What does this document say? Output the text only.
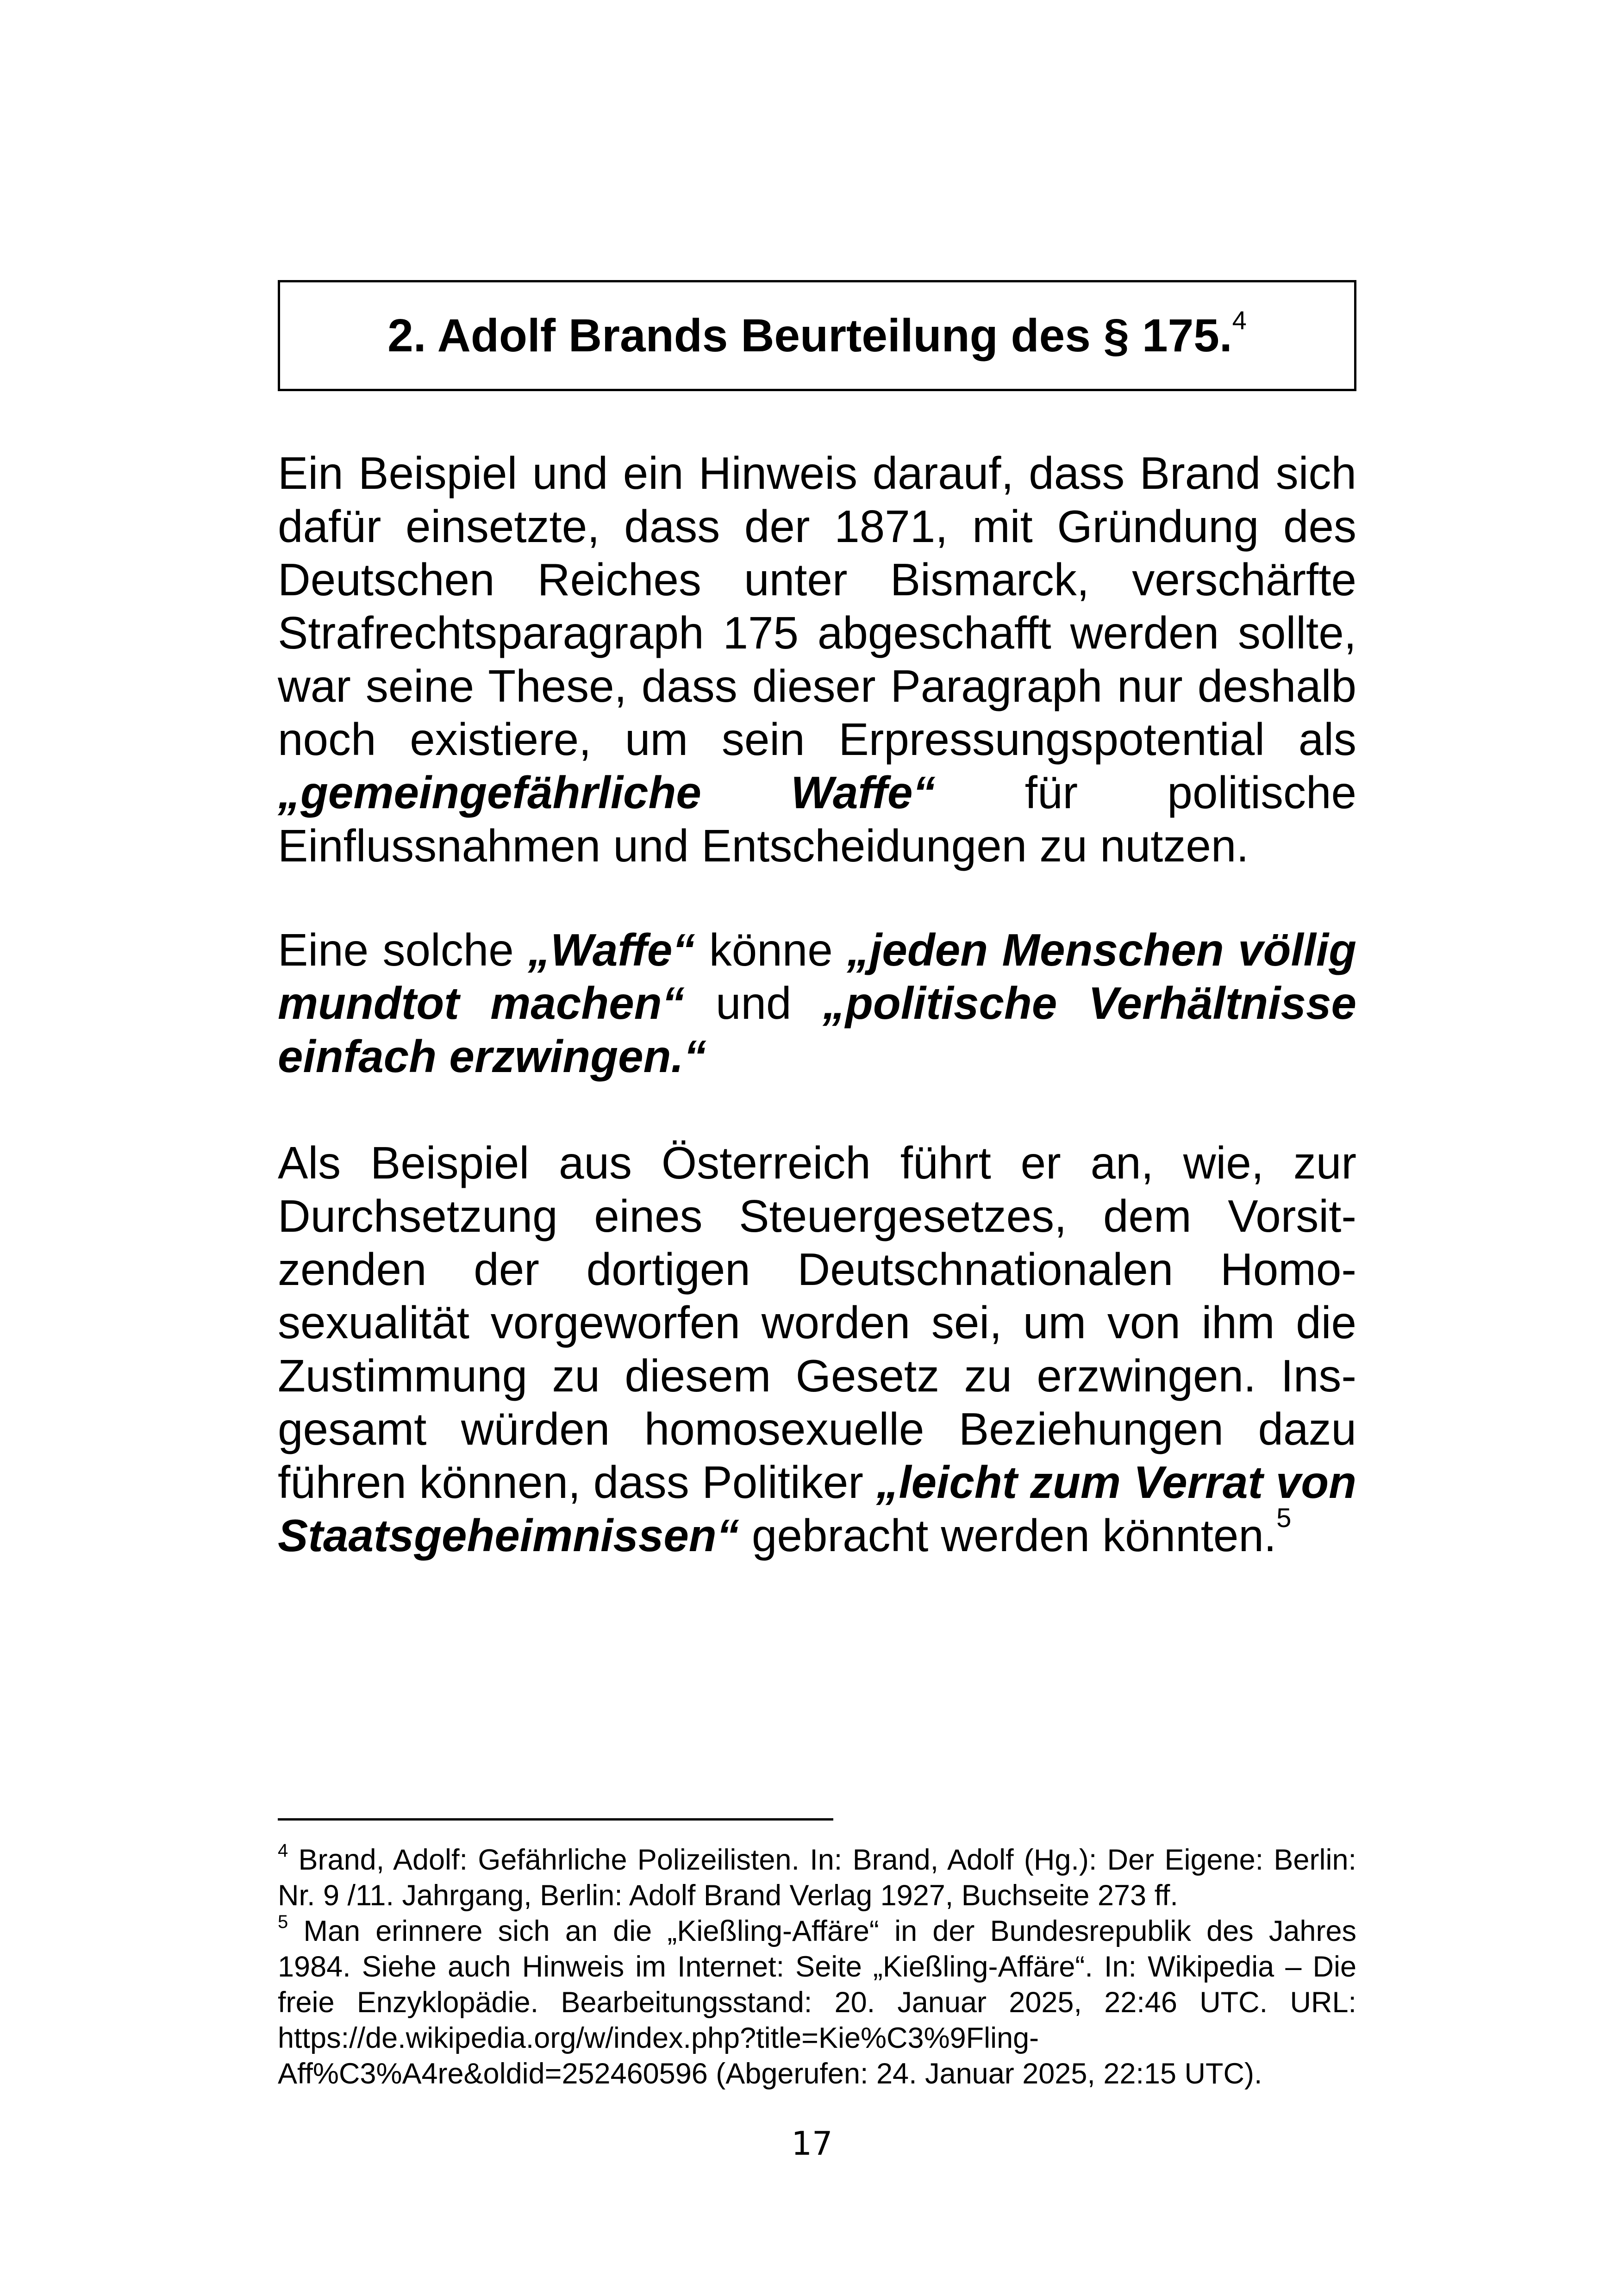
2. Adolf Brands Beurteilung des § 175.$^4$

Ein Beispiel und ein Hinweis darauf, dass Brand sich dafür einsetzte, dass der 1871, mit Gründung des Deutschen Reiches unter Bismarck, verschärfte Strafrechtsparagraph 175 abgeschafft werden sollte, war seine These, dass dieser Paragraph nur deshalb noch existiere, um sein Erpressungspotential als „gemeingefährliche Waffe“ für politische Einflussnahmen und Entscheidungen zu nutzen.

Eine solche „Waffe“ könne „jeden Menschen völlig mundtot machen“ und „politische Verhältnisse einfach erzwingen.“

Als Beispiel aus Österreich führt er an, wie, zur Durchsetzung eines Steuergesetzes, dem Vorsitzenden der dortigen Deutschnationalen Homosexualität vorgeworfen worden sei, um von ihm die Zustimmung zu diesem Gesetz zu erzwingen. Insgesamt würden homosexuelle Beziehungen dazu führen können, dass Politiker „leicht zum Verrat von Staatsgeheimnissen“ gebracht werden könnten.$^5$

$^4$ Brand, Adolf: Gefährliche Polizeilisten. In: Brand, Adolf (Hg.): Der Eigene: Berlin: Nr. 9 /11. Jahrgang, Berlin: Adolf Brand Verlag 1927, Buchseite 273 ff.

$^5$ Man erinnere sich an die „Kießling-Affäre“ in der Bundesrepublik des Jahres 1984. Siehe auch Hinweis im Internet: Seite „Kießling-Affäre“. In: Wikipedia – Die freie Enzyklopädie. Bearbeitungsstand: 20. Januar 2025, 22:46 UTC. URL: https://de.wikipedia.org/w/index.php?title=Kie%C3%9Fling-Aff%C3%A4re&oldid=252460596 (Abgerufen: 24. Januar 2025, 22:15 UTC).

17
